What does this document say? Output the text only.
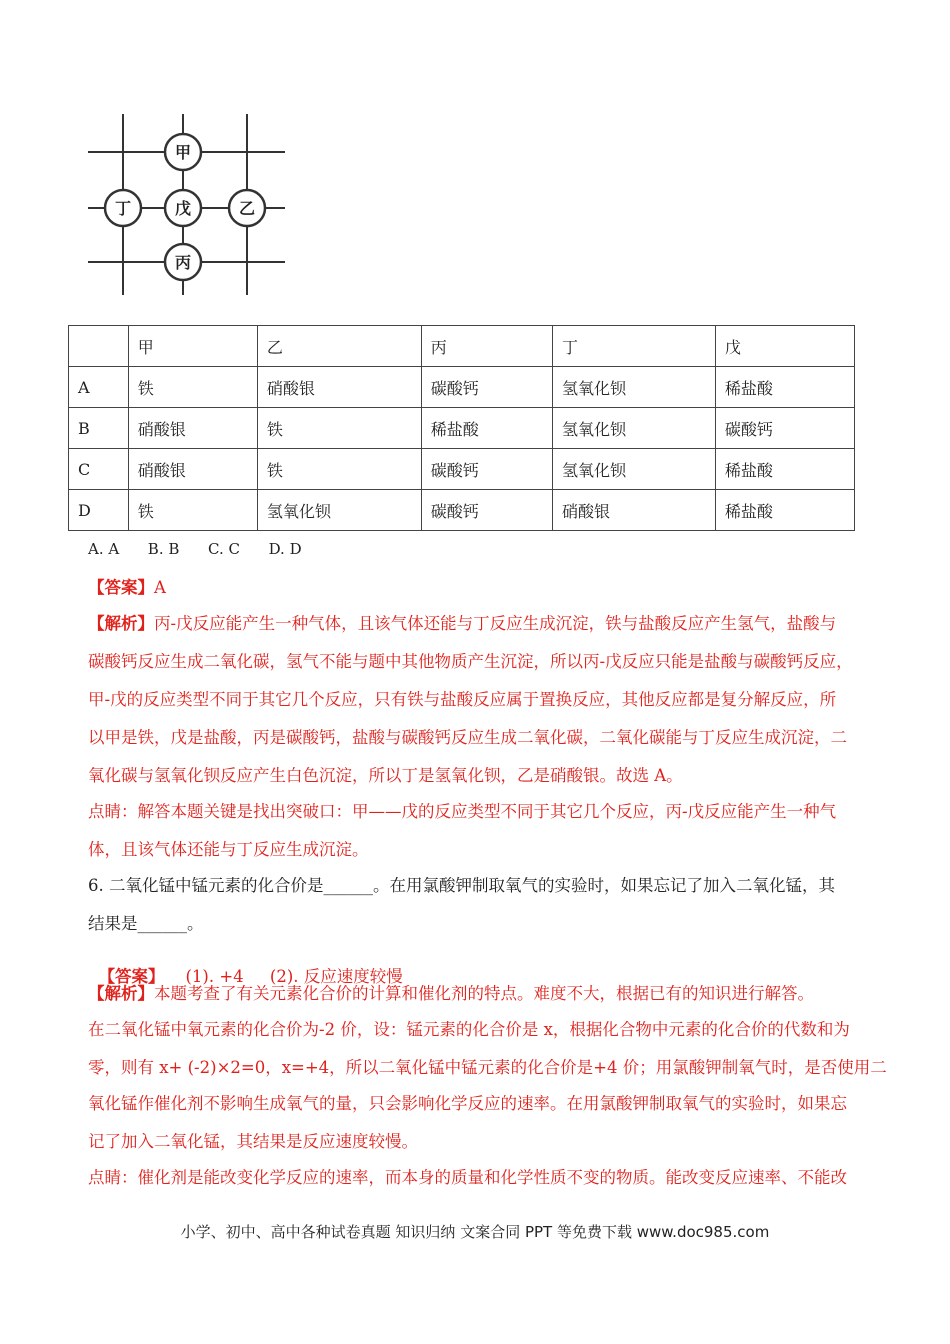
甲
丁	戊	乙
丙
	甲	乙	丙	丁	戊
A	铁	硝酸银	碳酸钙	氢氧化钡	稀盐酸
B	硝酸银	铁	稀盐酸	氢氧化钡	碳酸钙
C	硝酸银	铁	碳酸钙	氢氧化钡	稀盐酸
D	铁	氢氧化钡	碳酸钙	硝酸银	稀盐酸
A. A      B. B      C. C      D. D
【答案】A
【解析】丙-戊反应能产生一种气体，且该气体还能与丁反应生成沉淀，铁与盐酸反应产生氢气，盐酸与
碳酸钙反应生成二氧化碳，氢气不能与题中其他物质产生沉淀，所以丙-戊反应只能是盐酸与碳酸钙反应，
甲-戊的反应类型不同于其它几个反应，只有铁与盐酸反应属于置换反应，其他反应都是复分解反应，所
以甲是铁，戊是盐酸，丙是碳酸钙，盐酸与碳酸钙反应生成二氧化碳，二氧化碳能与丁反应生成沉淀，二
氧化碳与氢氧化钡反应产生白色沉淀，所以丁是氢氧化钡，乙是硝酸银。故选 A。
点睛：解答本题关键是找出突破口：甲——戊的反应类型不同于其它几个反应，丙-戊反应能产生一种气
体，且该气体还能与丁反应生成沉淀。
6. 二氧化锰中锰元素的化合价是______。在用氯酸钾制取氧气的实验时，如果忘记了加入二氧化锰，其
结果是______。

【答案】    (1). +4     (2). 反应速度较慢

【解析】本题考查了有关元素化合价的计算和催化剂的特点。难度不大，根据已有的知识进行解答。
在二氧化锰中氧元素的化合价为-2 价，设：锰元素的化合价是 x，根据化合物中元素的化合价的代数和为
零，则有 x+ (-2)×2=0，x=+4，所以二氧化锰中锰元素的化合价是+4 价；用氯酸钾制氧气时，是否使用二
氧化锰作催化剂不影响生成氧气的量，只会影响化学反应的速率。在用氯酸钾制取氧气的实验时，如果忘
记了加入二氧化锰，其结果是反应速度较慢。
点睛：催化剂是能改变化学反应的速率，而本身的质量和化学性质不变的物质。能改变反应速率、不能改
小学、初中、高中各种试卷真题 知识归纳 文案合同 PPT 等免费下载 www.doc985.com
